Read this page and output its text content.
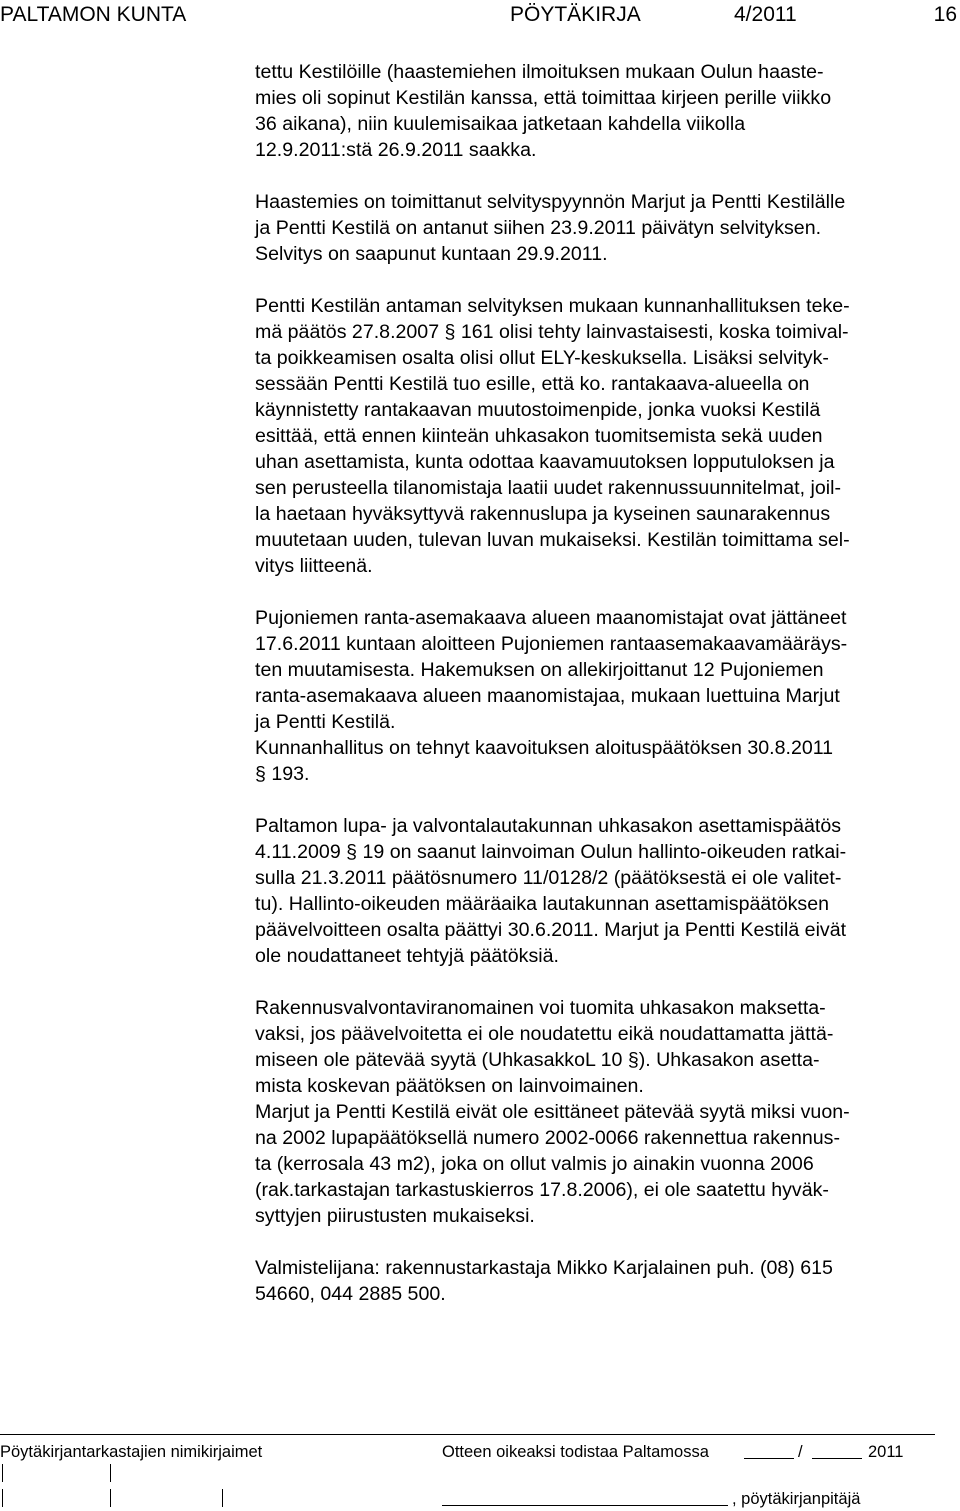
PALTAMON KUNTA	PÖYTÄKIRJA	4/2011	16
tettu Kestilöille (haastemiehen ilmoituksen mukaan Oulun haaste-
mies oli sopinut Kestilän kanssa, että toimittaa kirjeen perille viikko
36 aikana), niin kuulemisaikaa jatketaan kahdella viikolla
12.9.2011:stä 26.9.2011 saakka.
Haastemies on toimittanut selvityspyynnön Marjut ja Pentti Kestilälle
ja Pentti Kestilä on antanut siihen 23.9.2011 päivätyn selvityksen.
Selvitys on saapunut kuntaan 29.9.2011.
Pentti Kestilän antaman selvityksen mukaan kunnanhallituksen teke-
mä päätös 27.8.2007 § 161 olisi tehty lainvastaisesti, koska toimival-
ta poikkeamisen osalta olisi ollut ELY-keskuksella. Lisäksi selvityk-
sessään Pentti Kestilä tuo esille, että ko. rantakaava-alueella on
käynnistetty rantakaavan muutostoimenpide, jonka vuoksi Kestilä
esittää, että ennen kiinteän uhkasakon tuomitsemista sekä uuden
uhan asettamista, kunta odottaa kaavamuutoksen lopputuloksen ja
sen perusteella tilanomistaja laatii uudet rakennussuunnitelmat, joil-
la haetaan hyväksyttyvä rakennuslupa ja kyseinen saunarakennus
muutetaan uuden, tulevan luvan mukaiseksi. Kestilän toimittama sel-
vitys liitteenä.
Pujoniemen ranta-asemakaava alueen maanomistajat ovat jättäneet
17.6.2011 kuntaan aloitteen Pujoniemen rantaasemakaavamääräys-
ten muutamisesta. Hakemuksen on allekirjoittanut 12 Pujoniemen
ranta-asemakaava alueen maanomistajaa, mukaan luettuina Marjut
ja Pentti Kestilä.
Kunnanhallitus on tehnyt kaavoituksen aloituspäätöksen 30.8.2011
§ 193.
Paltamon lupa- ja valvontalautakunnan uhkasakon asettamispäätös
4.11.2009 § 19 on saanut lainvoiman Oulun hallinto-oikeuden ratkai-
sulla 21.3.2011 päätösnumero 11/0128/2 (päätöksestä ei ole valitet-
tu). Hallinto-oikeuden määräaika lautakunnan asettamispäätöksen
päävelvoitteen osalta päättyi 30.6.2011. Marjut ja Pentti Kestilä eivät
ole noudattaneet tehtyjä päätöksiä.
Rakennusvalvontaviranomainen voi tuomita uhkasakon maksetta-
vaksi, jos päävelvoitetta ei ole noudatettu eikä noudattamatta jättä-
miseen ole pätevää syytä (UhkasakkoL 10 §). Uhkasakon asetta-
mista koskevan päätöksen on lainvoimainen.
Marjut ja Pentti Kestilä eivät ole esittäneet pätevää syytä miksi vuon-
na 2002 lupapäätöksellä numero 2002-0066 rakennettua rakennus-
ta (kerrosala 43 m2), joka on ollut valmis jo ainakin vuonna 2006
(rak.tarkastajan tarkastuskierros 17.8.2006), ei ole saatettu hyväk-
syttyjen piirustusten mukaiseksi.
Valmistelijana: rakennustarkastaja Mikko Karjalainen puh. (08) 615
54660, 044 2885 500.
Pöytäkirjantarkastajien nimikirjaimet	Otteen oikeaksi todistaa Paltamossa	/	2011
, pöytäkirjanpitäjä
